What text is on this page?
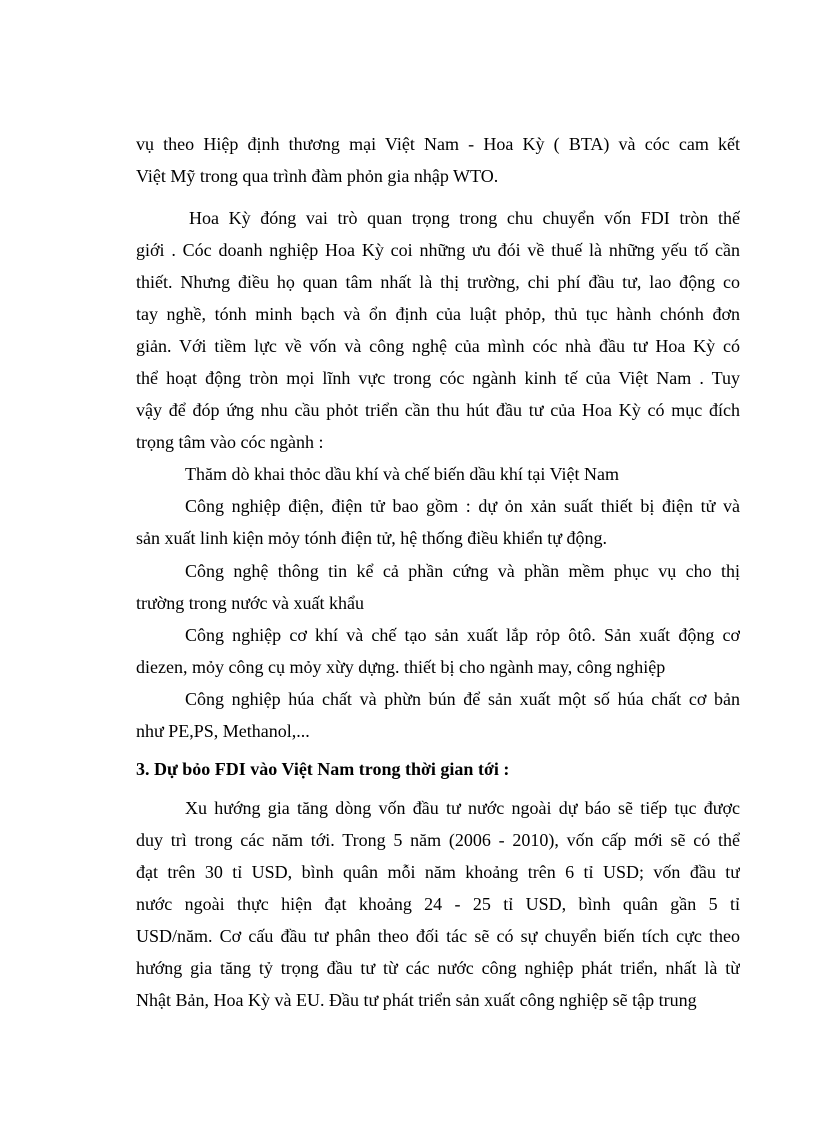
vụ theo Hiệp định thương mại Việt Nam - Hoa Kỳ ( BTA) và cóc cam kết
Việt Mỹ trong qua trình đàm phỏn gia nhập WTO.
Hoa Kỳ đóng vai trò quan trọng trong chu chuyển vốn FDI tròn thế
giới . Cóc doanh nghiệp Hoa Kỳ coi những ưu đói về thuế là những yếu tố cần
thiết. Nhưng điều họ quan tâm nhất là thị trường, chi phí đầu tư, lao động co
tay nghề, tónh minh bạch và ổn định của luật phỏp, thủ tục hành chónh đơn
giản. Với tiềm lực về vốn và công nghệ của mình cóc nhà đầu tư Hoa Kỳ có
thể hoạt động tròn mọi lĩnh vực trong cóc ngành kinh tế của Việt Nam . Tuy
vậy để đóp ứng nhu cầu phỏt triển cần thu hút đầu tư của Hoa Kỳ có mục đích
trọng tâm vào cóc ngành :
Thăm dò khai thỏc dầu khí và chế biến dầu khí tại Việt Nam
Công nghiệp điện, điện tử bao gồm : dự ỏn xản suất thiết bị điện tử và
sản xuất linh kiện mỏy tónh điện tử, hệ thống điều khiển tự động.
Công nghệ thông tin kể cả phần cứng và phần mềm phục vụ cho thị
trường trong nước và xuất khẩu
Công nghiệp cơ khí và chế tạo sản xuất lắp rỏp ôtô. Sản xuất động cơ
diezen, mỏy công cụ mỏy xừy dựng. thiết bị cho ngành may, công nghiệp
Công nghiệp húa chất và phừn bún để sản xuất một số húa chất cơ bản
như PE,PS, Methanol,...
3. Dự bỏo FDI vào Việt Nam trong thời gian tới :
Xu hướng gia tăng dòng vốn đầu tư nước ngoài dự báo sẽ tiếp tục được
duy trì trong các năm tới. Trong 5 năm (2006 - 2010), vốn cấp mới sẽ có thể
đạt trên 30 tỉ USD, bình quân mỗi năm khoảng trên 6 tỉ USD; vốn đầu tư
nước ngoài thực hiện đạt khoảng 24 - 25 tỉ USD, bình quân gần 5 tỉ
USD/năm. Cơ cấu đầu tư phân theo đối tác sẽ có sự chuyển biến tích cực theo
hướng gia tăng tỷ trọng đầu tư từ các nước công nghiệp phát triển, nhất là từ
Nhật Bản, Hoa Kỳ và EU. Đầu tư phát triển sản xuất công nghiệp sẽ tập trung
